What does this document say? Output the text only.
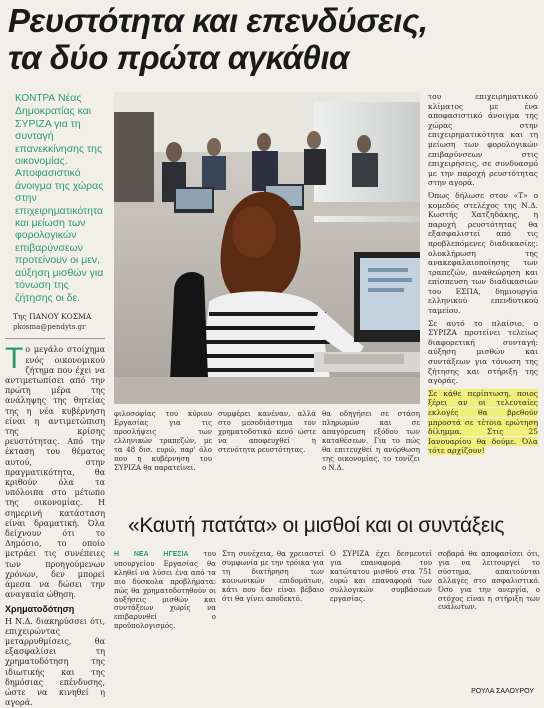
Ρευστότητα και επενδύσεις, τα δύο πρώτα αγκάθια
ΚΟΝΤΡΑ Νέας Δημοκρατίας και ΣΥΡΙΖΑ για τη συνταγή επανεκκίνησης της οικονομίας. Αποφασιστικό άνοιγμα της χώρας στην επιχειρηματικότητα και μείωση των φορολογικών επιβαρύνσεων προτείνουν οι μεν, αύξηση μισθών για τόνωση της ζήτησης οι δε.
Της ΠΑΝΟΥ ΚΟΣΜΑ
pkosma@pendyts.gr

Τ ο μεγάλο στοίχημα ενός οικονομικού ζήτημα που έχει να αντιμετωπίσει από την πρώτη μέρα της ανάληψης της θητείας της η νέα κυβέρνηση είναι η αντιμετώπιση της κρίσης ρευστότητας. Από την έκταση του θέματος αυτού, στην πραγματικότητα, θα κριθούν όλα τα υπόλοιπα στο μέτωπο της οικονομίας. Η σημερινή κατάσταση είναι δραματική. Όλα δείχνουν ότι το Δημόσιο, το οποίο μετράει τις συνέπειες των προηγούμενων χρόνων, δεν μπορεί άμεσα να δώσει την αναγκαία ώθηση.

Χρηματοδότηση

Η Ν.Δ. διακηρύσσει ότι, επιχειρώντας μεταρρυθμίσεις, θα εξασφαλίσει τη χρηματοδότηση της ιδιωτικής και της δημόσιας επένδυσης, ώστε να κινηθεί η αγορά.

του επιχειρηματικού κλίματος με ένα αποφασιστικό άνοιγμα της χώρας στην επιχειρηματικότητα και τη μείωση των φορολογικών επιβαρύνσεων στις επιχειρήσεις, σε συνδυασμό με την παροχή ρευστότητας στην αγορά.

Όπως δήλωσε στον «Τ» ο κομεδός στελέχος της Ν.Δ. Κωστής Χατζηδάκης, η παροχή ρευστότητας θα εξασφαλιστεί από τις προβλεπόμενες διαδικασίες: ολοκλήρωση της ανακεφαλαιοποίησης των τραπεζών, αναθεώρηση και επίσπευση των διαδικασιών του ΕΣΠΑ, δημιουργία ελληνικού επενδυτικού ταμείου.

Σε αυτό το πλαίσιο, ο ΣΥΡΙΖΑ προτείνει τελείως διαφορετική συνταγή: αύξηση μισθών και συντάξεων για τόνωση της ζήτησης και στήριξη της αγοράς.

Σε κάθε περίπτωση, ποιος ξέρει αν οι τελευταίες εκλογές θα βρεθούν μπροστά σε τέτοια ερώτηση δίλημμα. Στις 25 Ιανουαρίου θα δούμε. Όλα τότε αρχίζουν!

φιλοσοφίας του κύριου Εργασίας για τις προσλήψεις των ελληνικών τραπεζών, με τα 48 δισ. ευρώ, παρ' όλο που η κυβέρνηση του ΣΥΡΙΖΑ θα παρατείνει.
συμφέρει κανέναν, αλλά στο μεσοδιάστημα τον χρηματοδοτικό κενό ώστε να αποφευχθεί η στενότητα ρευστότητας.
θα οδηγήσει σε στάση πληρωμών και σε απαγόρευση εξόδου των καταθέσεων. Για το πώς θα επιτευχθεί η ανόρθωση της οικονομίας, το τονίζει ο Ν.Δ.
«Καυτή πατάτα» οι μισθοί και οι συντάξεις
Η ΝΕΑ ΗΓΕΣΙΑ του υπουργείου Εργασίας θα κληθεί να λύσει ένα από τα πιο δύσκολα προβλήματα: πώς θα χρηματοδοτηθούν οι αυξήσεις μισθών και συντάξεων χωρίς να επιβαρυνθεί ο προϋπολογισμός.
Στη συνέχεια, θα χρειαστεί συμφωνία με την τρόικα για τη διατήρηση των κοινωνικών επιδομάτων, κάτι που δεν είναι βέβαιο ότι θα γίνει αποδεκτό.
Ο ΣΥΡΙΖΑ έχει δεσμευτεί για επαναφορά του κατώτατου μισθού στα 751 ευρώ και επαναφορά των συλλογικών συμβάσεων εργασίας.
σοβαρά θα αποφασίσει ότι, για να λειτουργεί το σύστημα, απαιτούνται αλλαγές στο ασφαλιστικό. Όσο για την ανεργία, ο στόχος είναι η στήριξη των ευάλωτων.
ΡΟΥΛΑ ΣΑΛΟΥΡΟΥ
